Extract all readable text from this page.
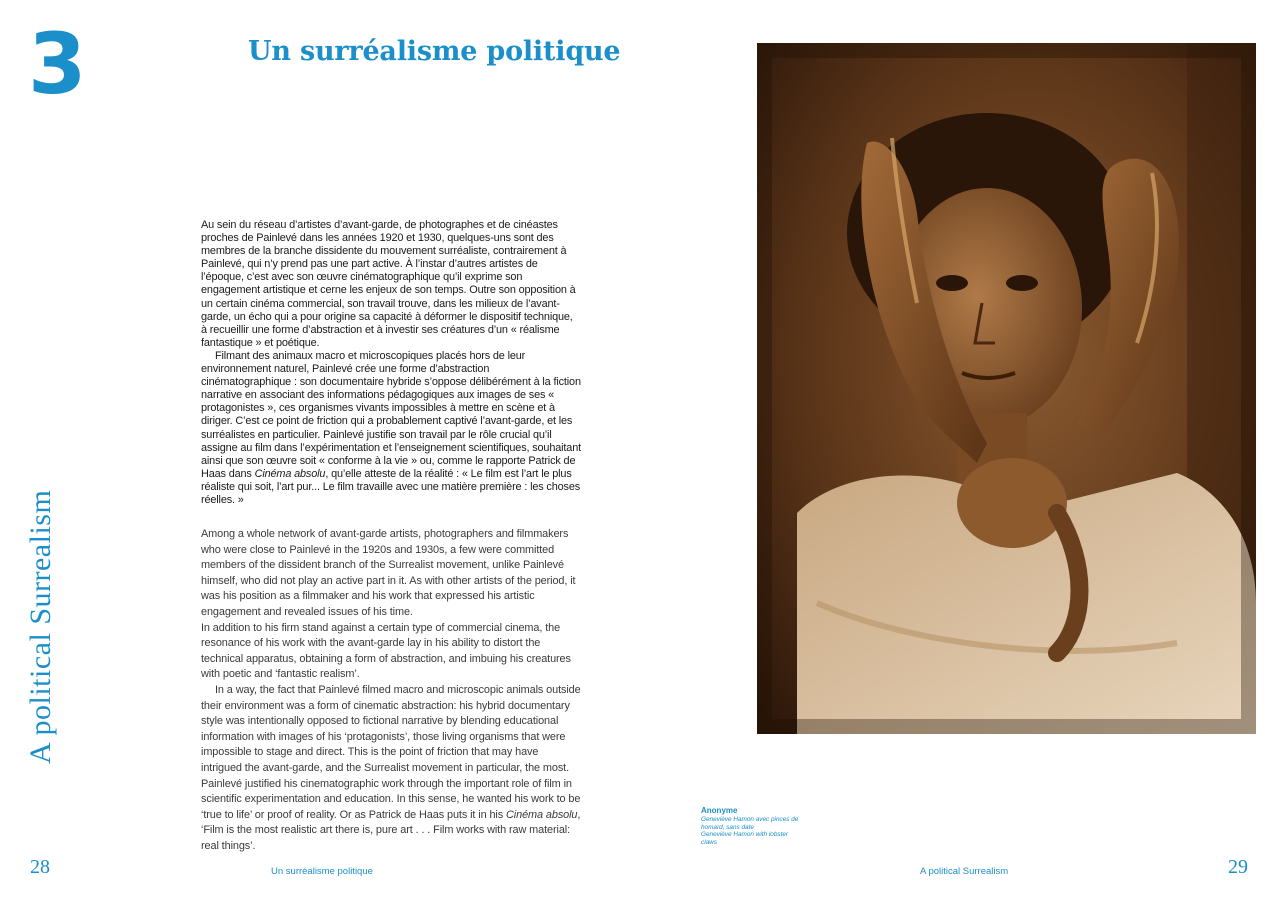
3	Un surréalisme politique
A political Surrealism

Au sein du réseau d’artistes d’avant-garde, de photographes et de cinéastes proches de Painlevé dans les années 1920 et 1930, quelques-uns sont des membres de la branche dissidente du mouvement surréaliste, contrairement à Painlevé, qui n’y prend pas une part active. À l’instar d’autres artistes de l’époque, c’est avec son œuvre cinématographique qu’il exprime son engagement artistique et cerne les enjeux de son temps. Outre son opposition à un certain cinéma commercial, son travail trouve, dans les milieux de l’avant-garde, un écho qui a pour origine sa capacité à déformer le dispositif technique, à recueillir une forme d’abstraction et à investir ses créatures d’un « réalisme fantastique » et poétique.

Filmant des animaux macro et microscopiques placés hors de leur environnement naturel, Painlevé crée une forme d’abstraction cinématographique : son documentaire hybride s’oppose délibérément à la fiction narrative en associant des informations pédagogiques aux images de ses « protagonistes », ces organismes vivants impossibles à mettre en scène et à diriger. C’est ce point de friction qui a probablement captivé l’avant-garde, et les surréalistes en particulier. Painlevé justifie son travail par le rôle crucial qu’il assigne au film dans l’expérimentation et l’enseignement scientifiques, souhaitant ainsi que son œuvre soit « conforme à la vie » ou, comme le rapporte Patrick de Haas dans Cinéma absolu, qu’elle atteste de la réalité : « Le film est l’art le plus réaliste qui soit, l’art pur... Le film travaille avec une matière première : les choses réelles. »

Among a whole network of avant-garde artists, photographers and filmmakers who were close to Painlevé in the 1920s and 1930s, a few were committed members of the dissident branch of the Surrealist movement, unlike Painlevé himself, who did not play an active part in it. As with other artists of the period, it was his position as a filmmaker and his work that expressed his artistic engagement and revealed issues of his time.

In addition to his firm stand against a certain type of commercial cinema, the resonance of his work with the avant-garde lay in his ability to distort the technical apparatus, obtaining a form of abstraction, and imbuing his creatures with poetic and ‘fantastic realism’.

In a way, the fact that Painlevé filmed macro and microscopic animals outside their environment was a form of cinematic abstraction: his hybrid documentary style was intentionally opposed to fictional narrative by blending educational information with images of his ‘protagonists’, those living organisms that were impossible to stage and direct. This is the point of friction that may have intrigued the avant-garde, and the Surrealist movement in particular, the most. Painlevé justified his cinematographic work through the important role of film in scientific experimentation and education. In this sense, he wanted his work to be ‘true to life’ or proof of reality. Or as Patrick de Haas puts it in his Cinéma absolu, ‘Film is the most realistic art there is, pure art . . . Film works with raw material: real things’.

Anonyme
Geneviève Hamon avec pinces de homard, sans date
Geneviève Hamon with lobster claws
28	Un surréalisme politique	A political Surrealism	29
